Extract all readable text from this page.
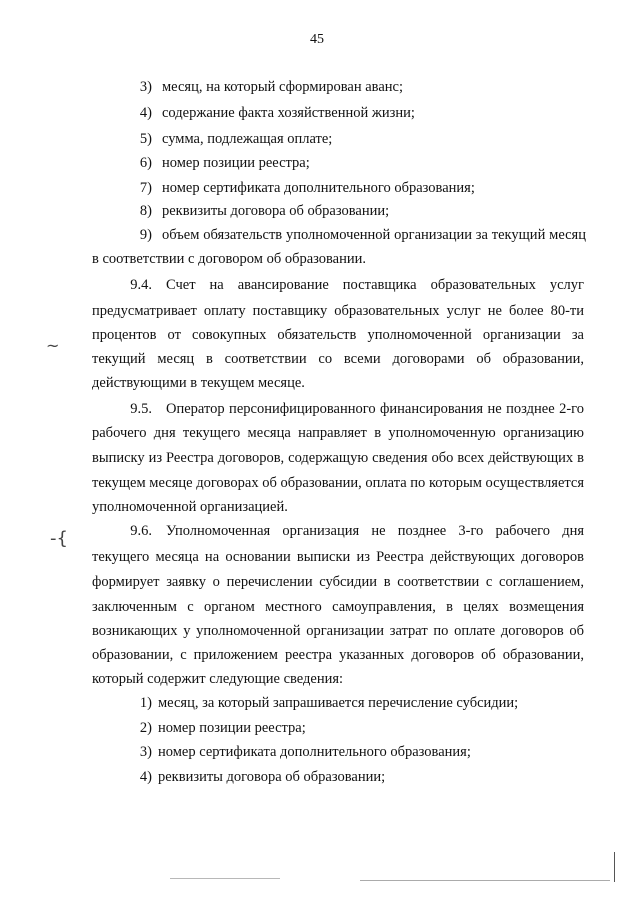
45
3) месяц, на который сформирован аванс;
4) содержание факта хозяйственной жизни;
5) сумма, подлежащая оплате;
6) номер позиции реестра;
7) номер сертификата дополнительного образования;
8) реквизиты договора об образовании;
9) объем обязательств уполномоченной организации за текущий месяц
в соответствии с договором об образовании.
9.4. Счет на авансирование поставщика образовательных услуг
предусматривает оплату поставщику образовательных услуг не более 80-ти
процентов от совокупных обязательств уполномоченной организации за
текущий месяц в соответствии со всеми договорами об образовании,
действующими в текущем месяце.
9.5. Оператор персонифицированного финансирования не позднее 2-го
рабочего дня текущего месяца направляет в уполномоченную организацию
выписку из Реестра договоров, содержащую сведения обо всех действующих в
текущем месяце договорах об образовании, оплата по которым осуществляется
уполномоченной организацией.
9.6. Уполномоченная организация не позднее 3-го рабочего дня
текущего месяца на основании выписки из Реестра действующих договоров
формирует заявку о перечислении субсидии в соответствии с соглашением,
заключенным с органом местного самоуправления, в целях возмещения
возникающих у уполномоченной организации затрат по оплате договоров об
образовании, с приложением реестра указанных договоров об образовании,
который содержит следующие сведения:
1) месяц, за который запрашивается перечисление субсидии;
2) номер позиции реестра;
3) номер сертификата дополнительного образования;
4) реквизиты договора об образовании;
~
-{
